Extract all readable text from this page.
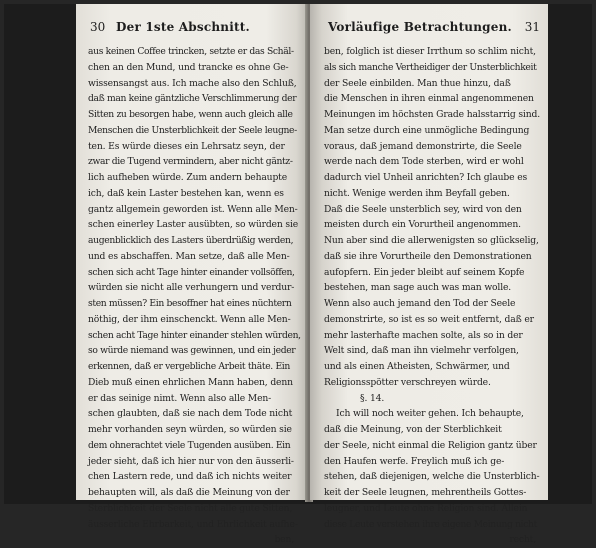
30 Der 1ste Abschnitt.
aus keinen Coffee trincken, setzte er das Schäl-
chen an den Mund, und trancke es ohne Ge-
wissensangst aus. Ich mache also den Schluß,
daß man keine gäntzliche Verschlimmerung der
Sitten zu besorgen habe, wenn auch gleich alle
Menschen die Unsterblichkeit der Seele leugne-
ten. Es würde dieses ein Lehrsatz seyn, der
zwar die Tugend vermindern, aber nicht gäntz-
lich aufheben würde. Zum andern behaupte
ich, daß kein Laster bestehen kan, wenn es
gantz allgemein geworden ist. Wenn alle Men-
schen einerley Laster ausübten, so würden sie
augenblicklich des Lasters überdrüßig werden,
und es abschaffen. Man setze, daß alle Men-
schen sich acht Tage hinter einander vollsöffen,
würden sie nicht alle verhungern und verdur-
sten müssen? Ein besoffner hat eines nüchtern
nöthig, der ihm einschenckt. Wenn alle Men-
schen acht Tage hinter einander stehlen würden,
so würde niemand was gewinnen, und ein jeder
erkennen, daß er vergebliche Arbeit thäte. Ein
Dieb muß einen ehrlichen Mann haben, denn
er das seinige nimt. Wenn also alle Men-
schen glaubten, daß sie nach dem Tode nicht
mehr vorhanden seyn würden, so würden sie
dem ohnerachtet viele Tugenden ausüben. Ein
jeder sieht, daß ich hier nur von den äusserli-
chen Lastern rede, und daß ich nichts weiter
behaupten will, als daß die Meinung von der
Sterblichkeit der Seele nicht alle gute Sitten,
äusserliche Ehrbarkeit, und Ehrlichkeit aufhe-
ben,
Vorläufige Betrachtungen. 31
ben, folglich ist dieser Irrthum so schlim nicht,
als sich manche Vertheidiger der Unsterblichkeit
der Seele einbilden. Man thue hinzu, daß
die Menschen in ihren einmal angenommenen
Meinungen im höchsten Grade halsstarrig sind.
Man setze durch eine unmögliche Bedingung
voraus, daß jemand demonstrirte, die Seele
werde nach dem Tode sterben, wird er wohl
dadurch viel Unheil anrichten? Ich glaube es
nicht. Wenige werden ihm Beyfall geben.
Daß die Seele unsterblich sey, wird von den
meisten durch ein Vorurtheil angenommen.
Nun aber sind die allerwenigsten so glückselig,
daß sie ihre Vorurtheile den Demonstrationen
aufopfern. Ein jeder bleibt auf seinem Kopfe
bestehen, man sage auch was man wolle.
Wenn also auch jemand den Tod der Seele
demonstrirte, so ist es so weit entfernt, daß er
mehr lasterhafte machen solte, als so in der
Welt sind, daß man ihn vielmehr verfolgen,
und als einen Atheisten, Schwärmer, und
Religionsspötter verschreyen würde.
§. 14.
Ich will noch weiter gehen. Ich behaupte,
daß die Meinung, von der Sterblichkeit
der Seele, nicht einmal die Religion gantz über
den Haufen werfe. Freylich muß ich ge-
stehen, daß diejenigen, welche die Unsterblich-
keit der Seele leugnen, mehrentheils Gottes-
leugner, und Leute ohne Religion sind. Allein
diese Leute verstehen ihre eigene Meinung nicht
recht,
